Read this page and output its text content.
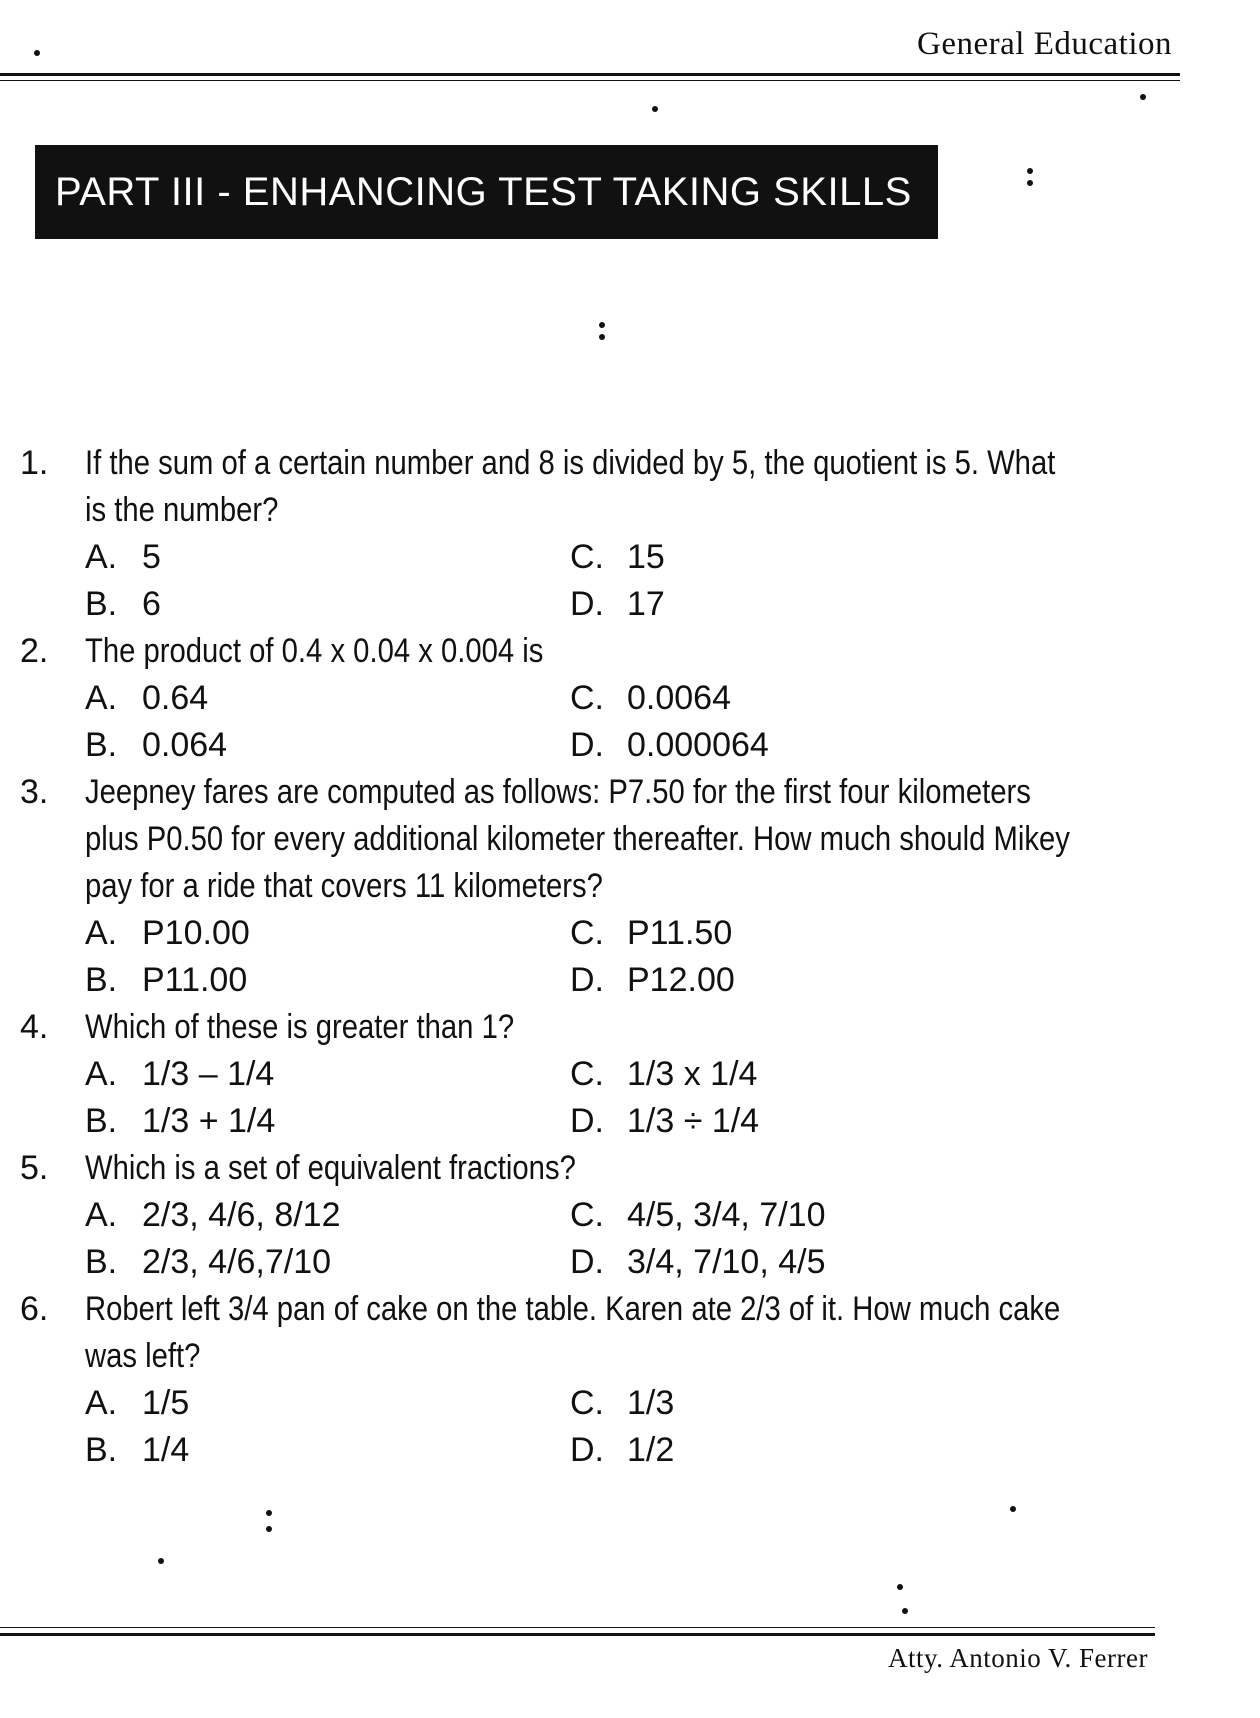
General Education
PART III - ENHANCING TEST TAKING SKILLS
1.	If the sum of a certain number and 8 is divided by 5, the quotient is 5. What
is the number?
A. 5	C. 15
B. 6	D. 17
2.	The product of 0.4 x 0.04 x 0.004 is
A. 0.64	C. 0.0064
B. 0.064	D. 0.000064
3.	Jeepney fares are computed as follows: P7.50 for the first four kilometers
plus P0.50 for every additional kilometer thereafter. How much should Mikey
pay for a ride that covers 11 kilometers?
A. P10.00	C. P11.50
B. P11.00	D. P12.00
4.	Which of these is greater than 1?
A. 1/3 – 1/4	C. 1/3 x 1/4
B. 1/3 + 1/4	D. 1/3 ÷ 1/4
5.	Which is a set of equivalent fractions?
A. 2/3, 4/6, 8/12	C. 4/5, 3/4, 7/10
B. 2/3, 4/6,7/10	D. 3/4, 7/10, 4/5
6.	Robert left 3/4 pan of cake on the table. Karen ate 2/3 of it. How much cake
was left?
A. 1/5	C. 1/3
B. 1/4	D. 1/2
Atty. Antonio V. Ferrer
